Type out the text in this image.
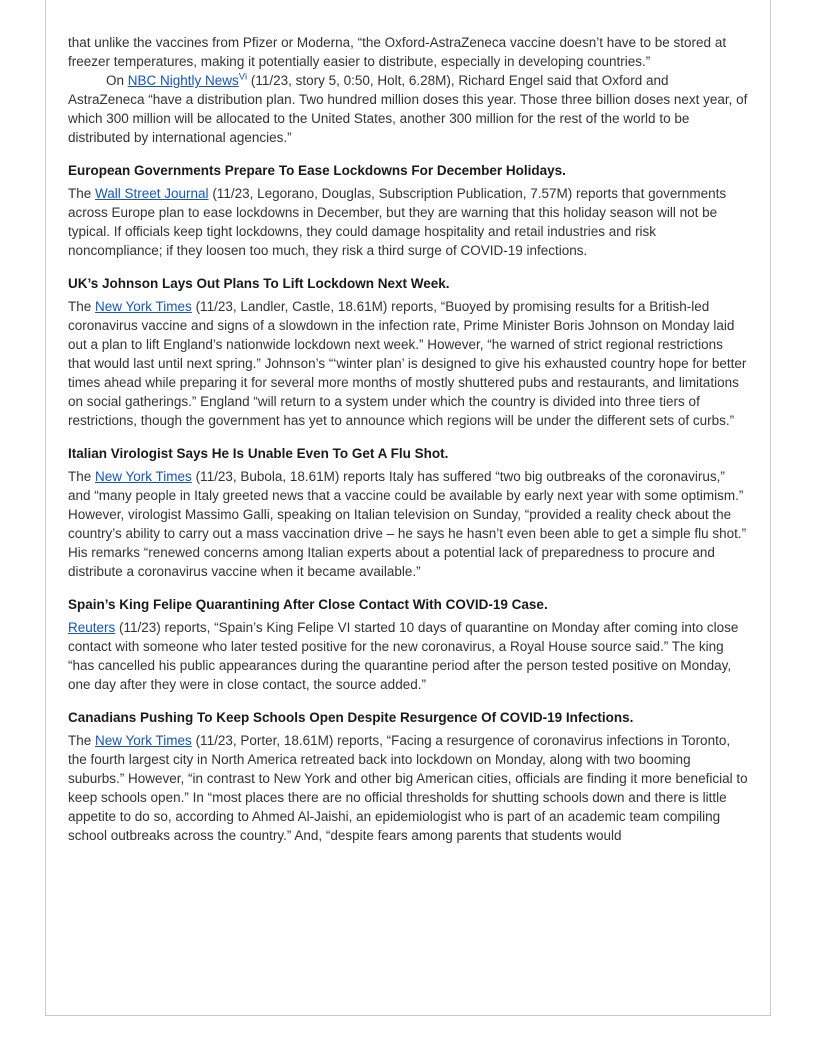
that unlike the vaccines from Pfizer or Moderna, “the Oxford-AstraZeneca vaccine doesn’t have to be stored at freezer temperatures, making it potentially easier to distribute, especially in developing countries.”

On NBC Nightly News$^{Vi}$ (11/23, story 5, 0:50, Holt, 6.28M), Richard Engel said that Oxford and AstraZeneca “have a distribution plan. Two hundred million doses this year. Those three billion doses next year, of which 300 million will be allocated to the United States, another 300 million for the rest of the world to be distributed by international agencies.”

European Governments Prepare To Ease Lockdowns For December Holidays.

The Wall Street Journal (11/23, Legorano, Douglas, Subscription Publication, 7.57M) reports that governments across Europe plan to ease lockdowns in December, but they are warning that this holiday season will not be typical. If officials keep tight lockdowns, they could damage hospitality and retail industries and risk noncompliance; if they loosen too much, they risk a third surge of COVID-19 infections.

UK’s Johnson Lays Out Plans To Lift Lockdown Next Week.

The New York Times (11/23, Landler, Castle, 18.61M) reports, “Buoyed by promising results for a British-led coronavirus vaccine and signs of a slowdown in the infection rate, Prime Minister Boris Johnson on Monday laid out a plan to lift England’s nationwide lockdown next week.” However, “he warned of strict regional restrictions that would last until next spring.” Johnson’s “‘winter plan’ is designed to give his exhausted country hope for better times ahead while preparing it for several more months of mostly shuttered pubs and restaurants, and limitations on social gatherings.” England “will return to a system under which the country is divided into three tiers of restrictions, though the government has yet to announce which regions will be under the different sets of curbs.”

Italian Virologist Says He Is Unable Even To Get A Flu Shot.

The New York Times (11/23, Bubola, 18.61M) reports Italy has suffered “two big outbreaks of the coronavirus,” and “many people in Italy greeted news that a vaccine could be available by early next year with some optimism.” However, virologist Massimo Galli, speaking on Italian television on Sunday, “provided a reality check about the country’s ability to carry out a mass vaccination drive – he says he hasn’t even been able to get a simple flu shot.” His remarks “renewed concerns among Italian experts about a potential lack of preparedness to procure and distribute a coronavirus vaccine when it became available.”

Spain’s King Felipe Quarantining After Close Contact With COVID-19 Case.

Reuters (11/23) reports, “Spain’s King Felipe VI started 10 days of quarantine on Monday after coming into close contact with someone who later tested positive for the new coronavirus, a Royal House source said.” The king “has cancelled his public appearances during the quarantine period after the person tested positive on Monday, one day after they were in close contact, the source added.”

Canadians Pushing To Keep Schools Open Despite Resurgence Of COVID-19 Infections.

The New York Times (11/23, Porter, 18.61M) reports, “Facing a resurgence of coronavirus infections in Toronto, the fourth largest city in North America retreated back into lockdown on Monday, along with two booming suburbs.” However, “in contrast to New York and other big American cities, officials are finding it more beneficial to keep schools open.” In “most places there are no official thresholds for shutting schools down and there is little appetite to do so, according to Ahmed Al-Jaishi, an epidemiologist who is part of an academic team compiling school outbreaks across the country.” And, “despite fears among parents that students would
